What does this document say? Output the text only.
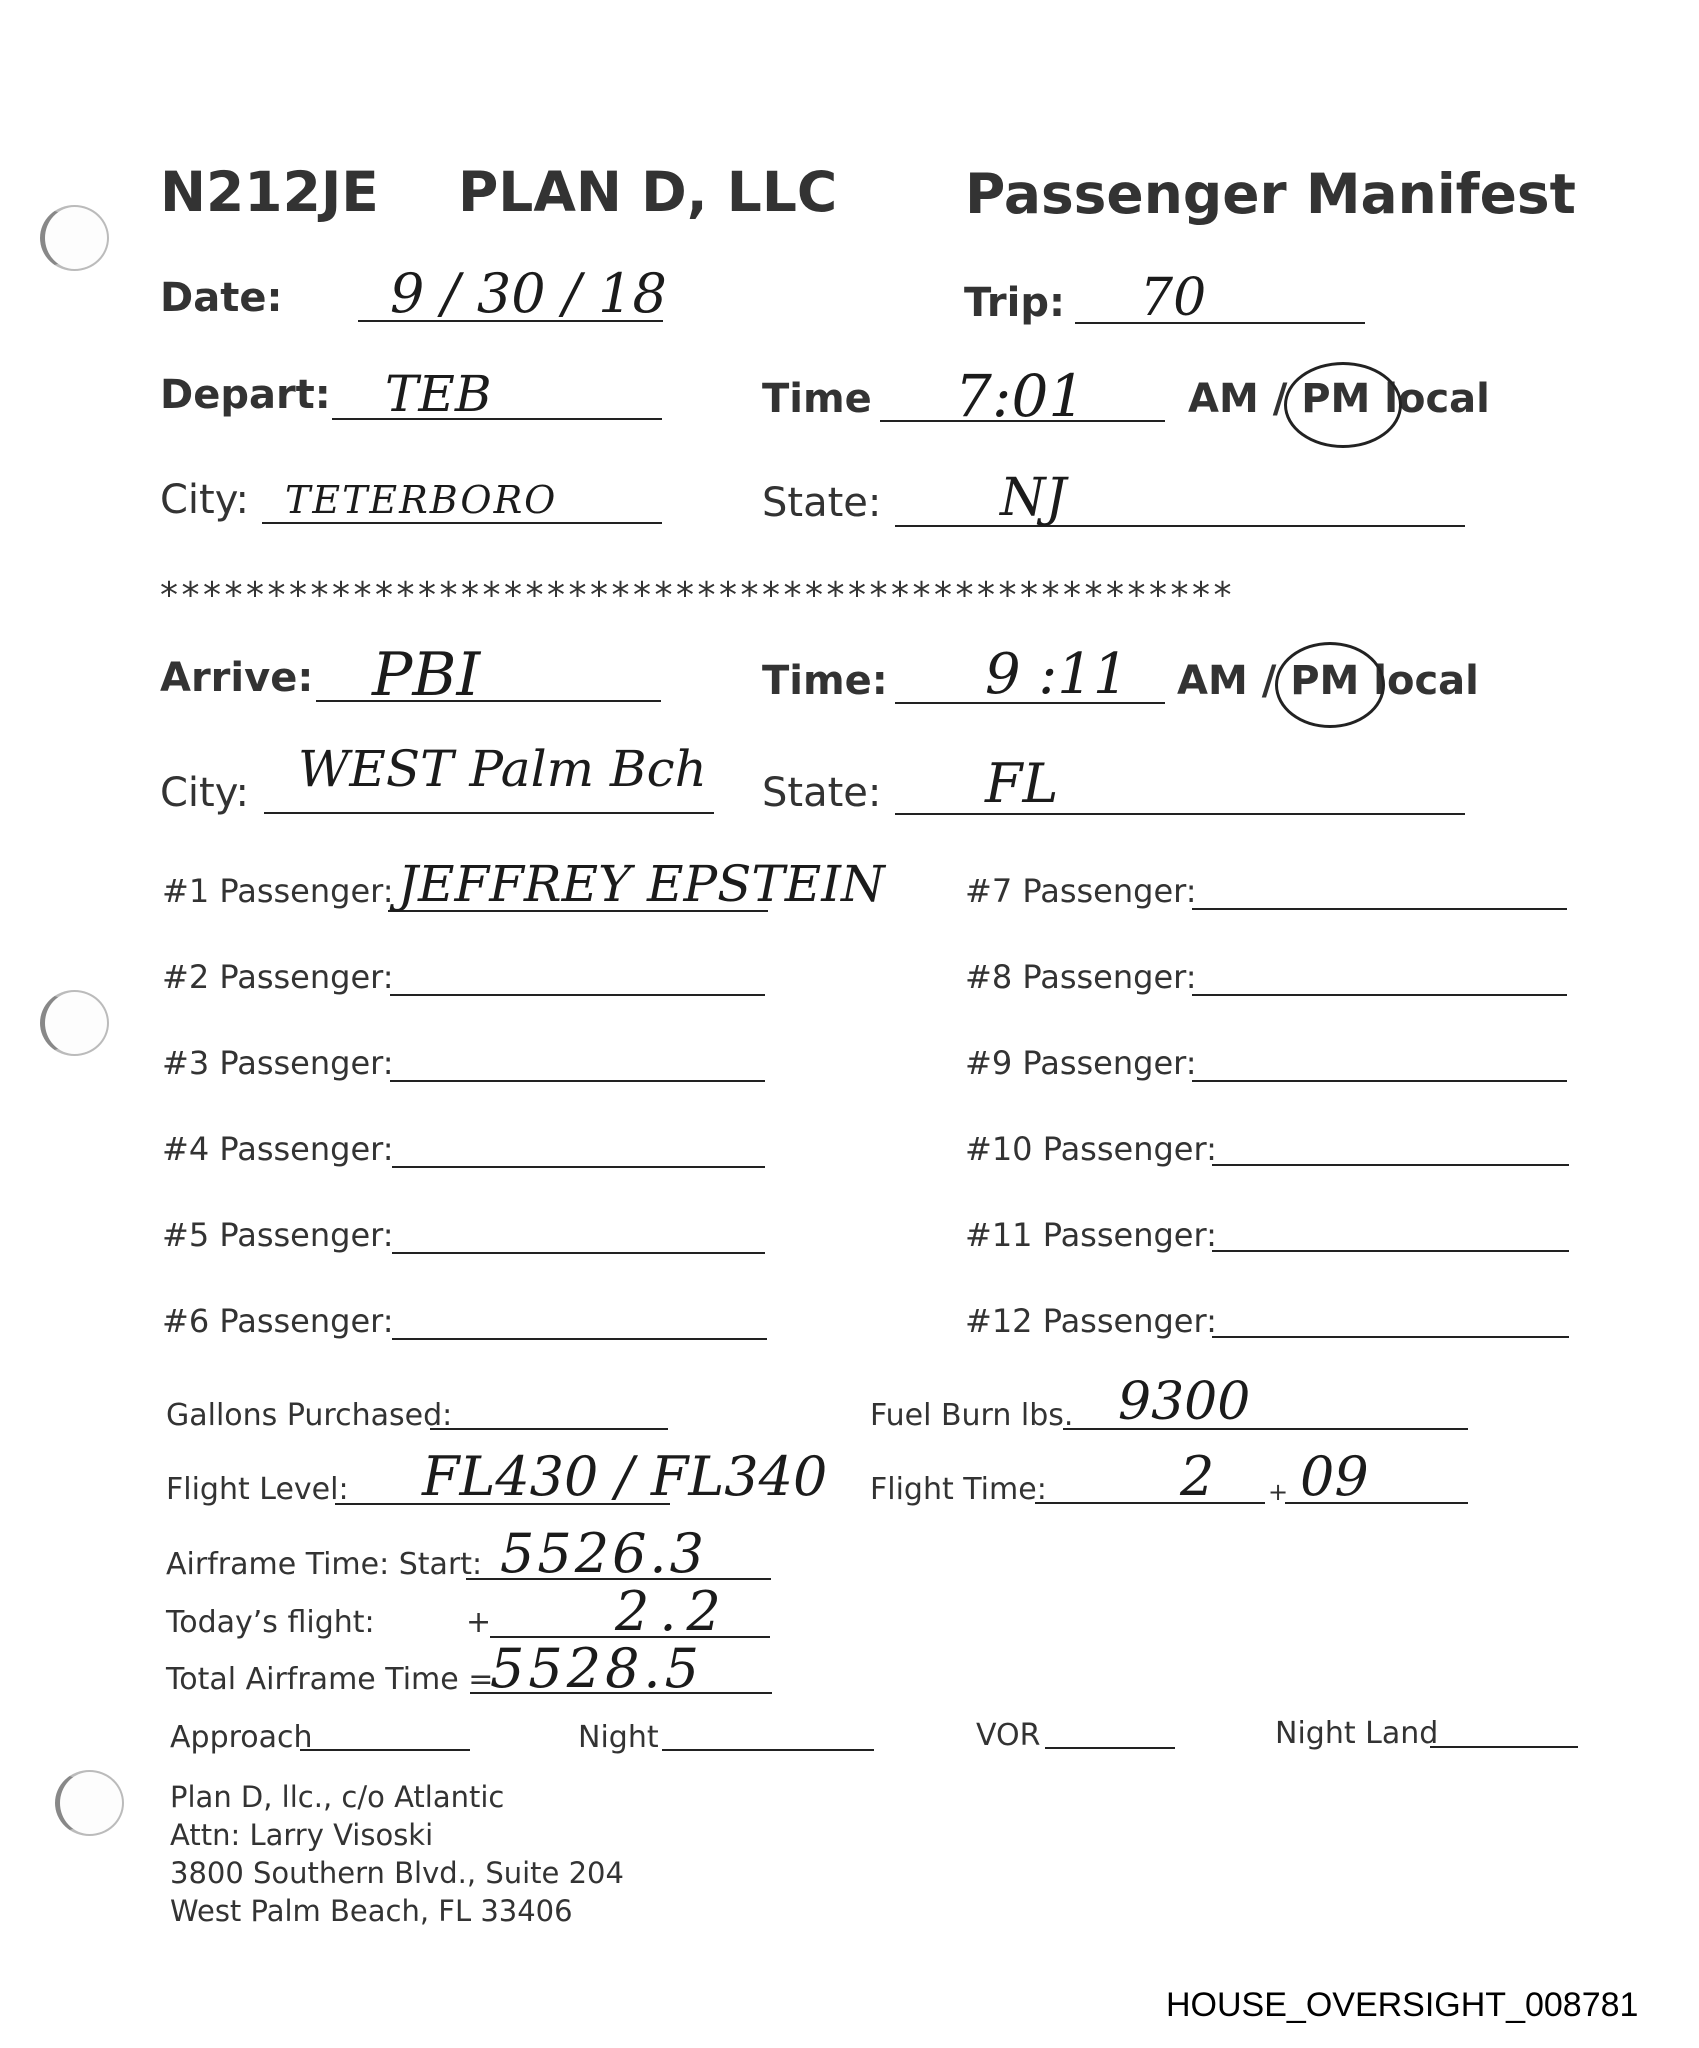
N212JE PLAN D, LLC Passenger Manifest
Date: 9 / 30 / 18	Trip: 70
Depart: TEB	Time 7:01	AM / PM local
City: TETERBORO	State: NJ
**************************************************
Arrive: PBI	Time: 9 :11 AM / PM local
City: WEST Palm Bch State: FL
#1 Passenger: JEFFREY EPSTEIN
#2 Passenger:
#3 Passenger:
#4 Passenger:
#5 Passenger:
#6 Passenger:
#7 Passenger:
#8 Passenger:
#9 Passenger:
#10 Passenger:
#11 Passenger:
#12 Passenger:
Gallons Purchased:	Fuel Burn lbs. 9300
Flight Level: FL430 / FL340 Flight Time: 2 + 09
Airframe Time: Start: 5526.3
Today’s flight:	+ 2.2
Total Airframe Time =
5528.5
Approach	Night	VOR	Night Land
Plan D, llc., c/o Atlantic
Attn: Larry Visoski
3800 Southern Blvd., Suite 204
West Palm Beach, FL 33406
HOUSE_OVERSIGHT_008781
